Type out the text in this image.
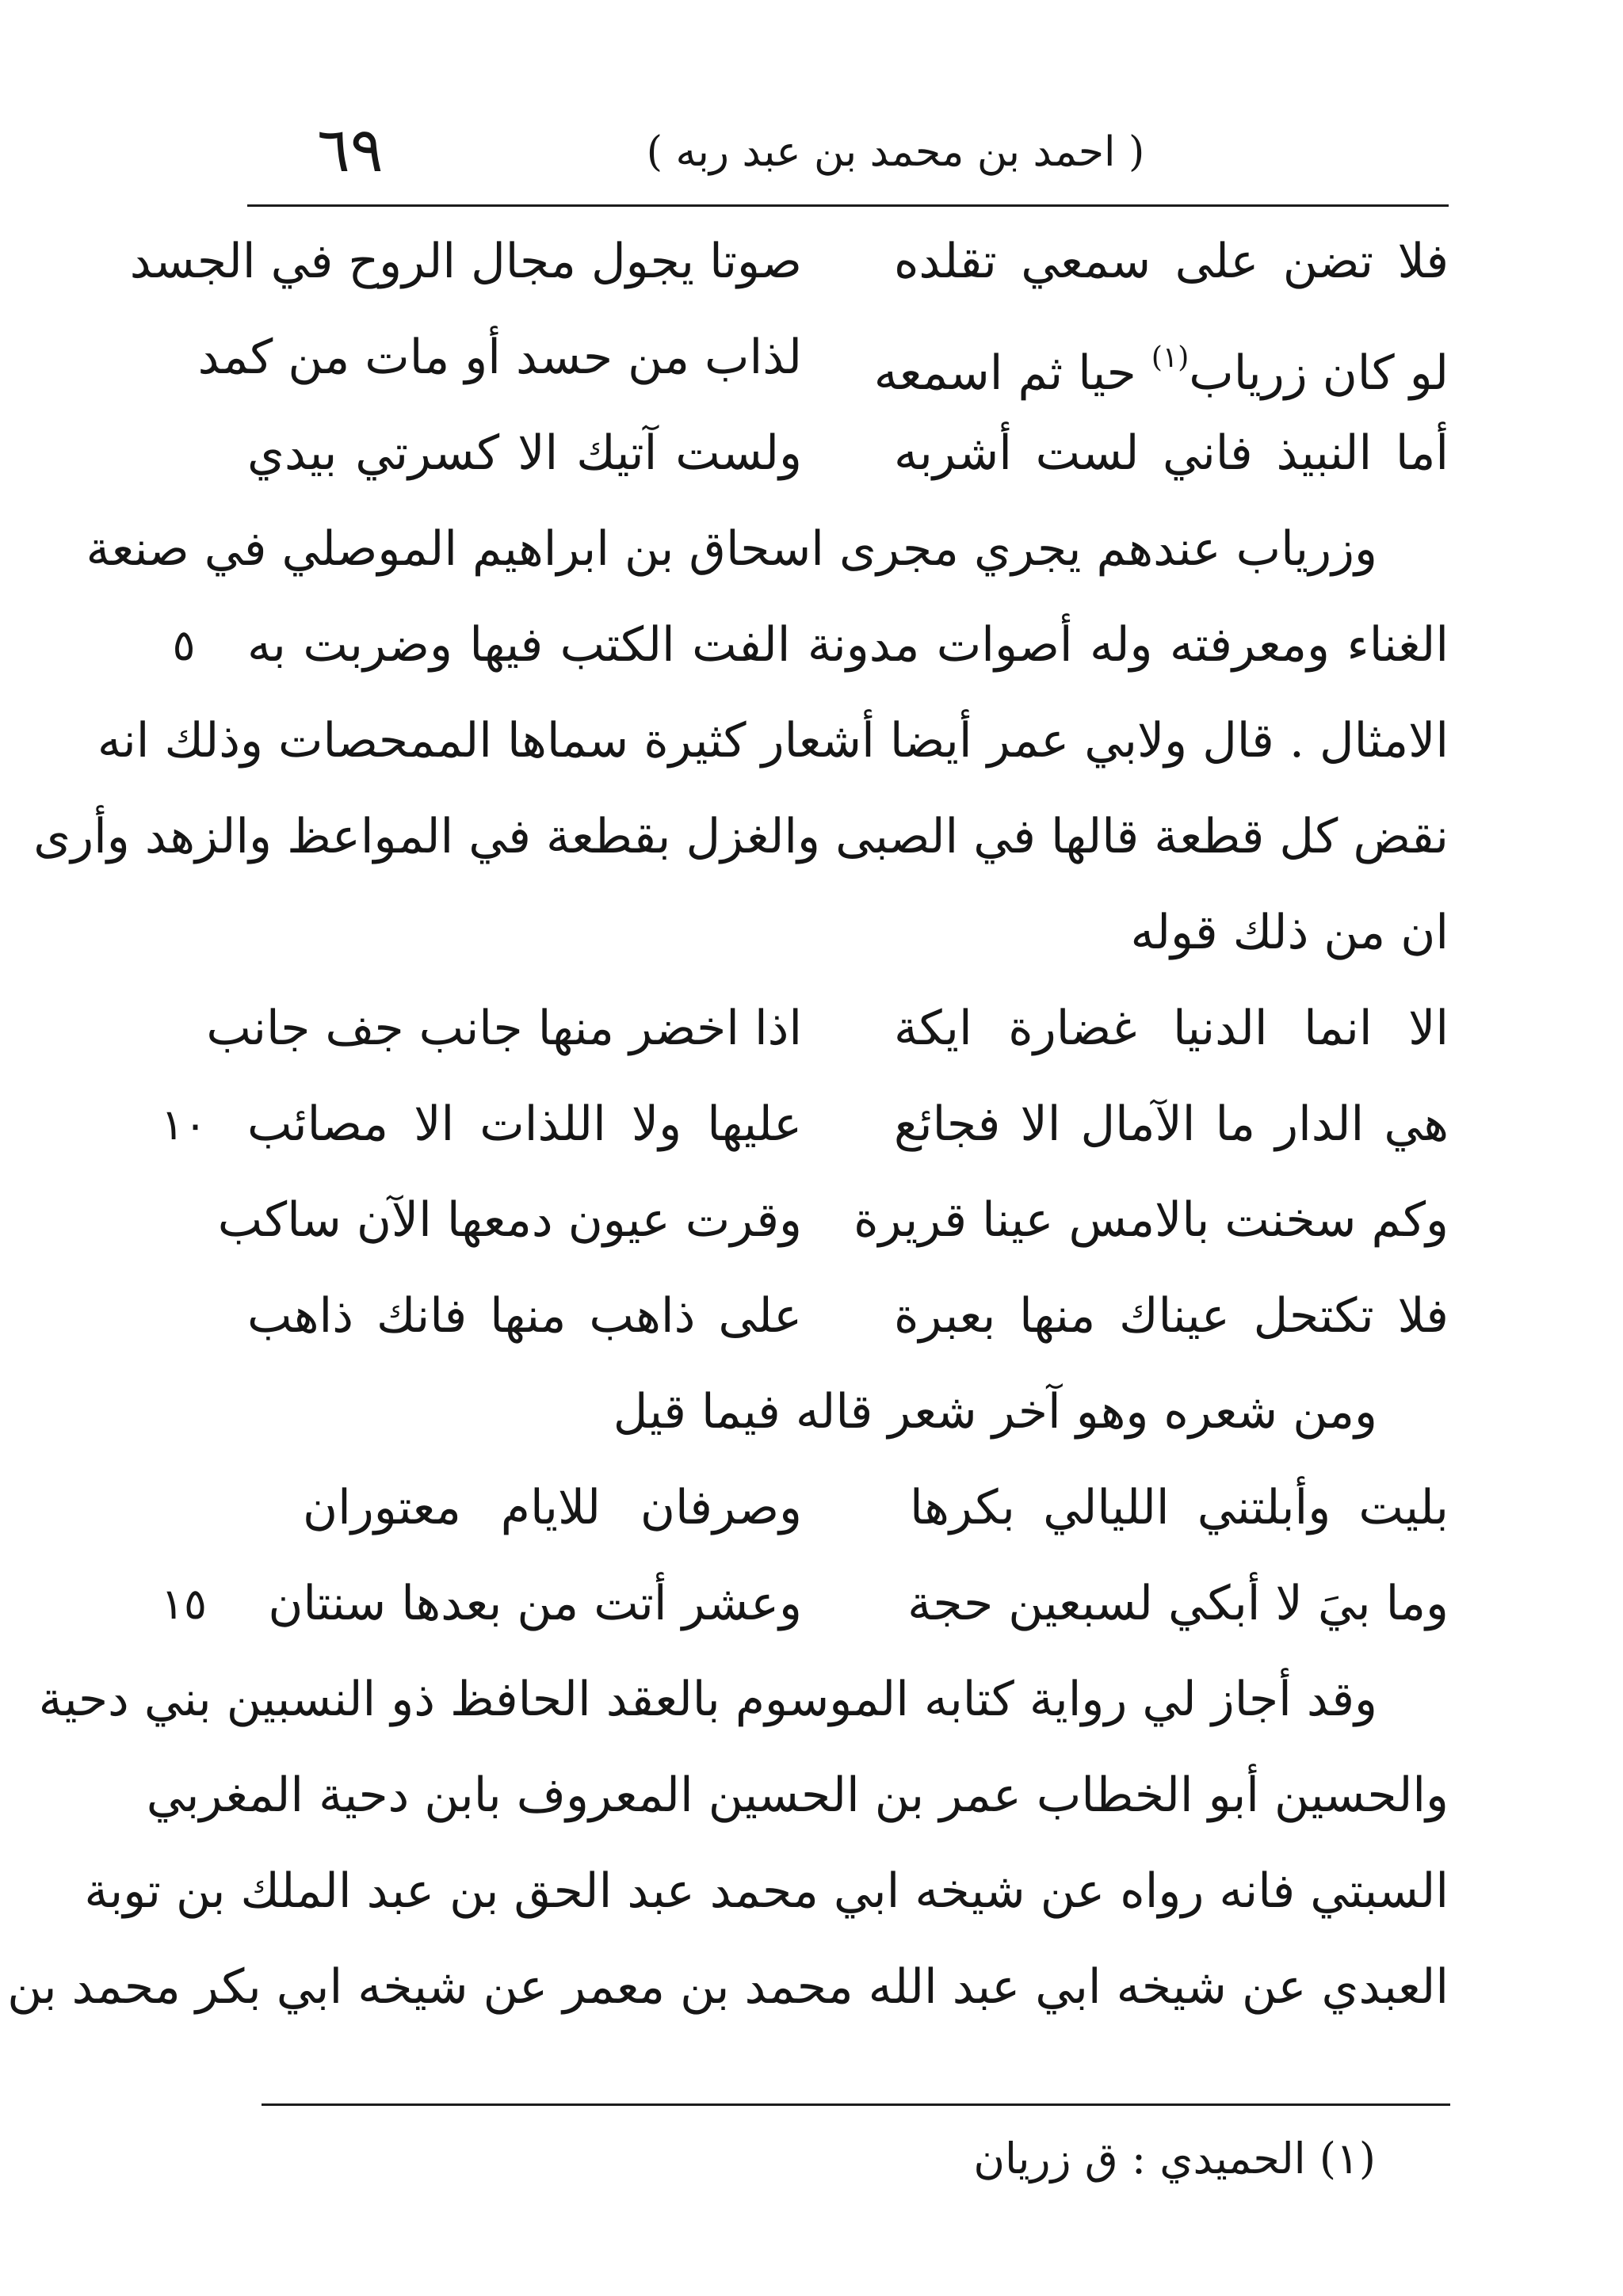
٦٩	( احمد بن محمد بن عبد ربه )
فلا تضن على سمعي تقلده
صوتا يجول مجال الروح في الجسد
لو كان زرياب$^{(١)}$ حيا ثم اسمعه
لذاب من حسد أو مات من كمد
أما النبيذ فاني لست أشربه
ولست آتيك الا كسرتي بيدي
وزرياب عندهم يجري مجرى اسحاق بن ابراهيم الموصلي في صنعة
الغناء ومعرفته وله أصوات مدونة الفت الكتب فيها وضربت به
٥
الامثال . قال ولابي عمر أيضا أشعار كثيرة سماها الممحصات وذلك انه
نقض كل قطعة قالها في الصبى والغزل بقطعة في المواعظ والزهد وأرى
ان من ذلك قوله
الا انما الدنيا غضارة ايكة
اذا اخضر منها جانب جف جانب
هي الدار ما الآمال الا فجائع
عليها ولا اللذات الا مصائب
١٠
وكم سخنت بالامس عينا قريرة
وقرت عيون دمعها الآن ساكب
فلا تكتحل عيناك منها بعبرة
على ذاهب منها فانك ذاهب
ومن شعره وهو آخر شعر قاله فيما قيل
بليت وأبلتني الليالي بكرها
وصرفان للايام معتوران
وما بيَ لا أبكي لسبعين حجة
وعشر أتت من بعدها سنتان
١٥
وقد أجاز لي رواية كتابه الموسوم بالعقد الحافظ ذو النسبين بني دحية
والحسين أبو الخطاب عمر بن الحسين المعروف بابن دحية المغربي
السبتي فانه رواه عن شيخه ابي محمد عبد الحق بن عبد الملك بن توبة
العبدي عن شيخه ابي عبد الله محمد بن معمر عن شيخه ابي بكر محمد بن
(١) الحميدي : ق زريان
